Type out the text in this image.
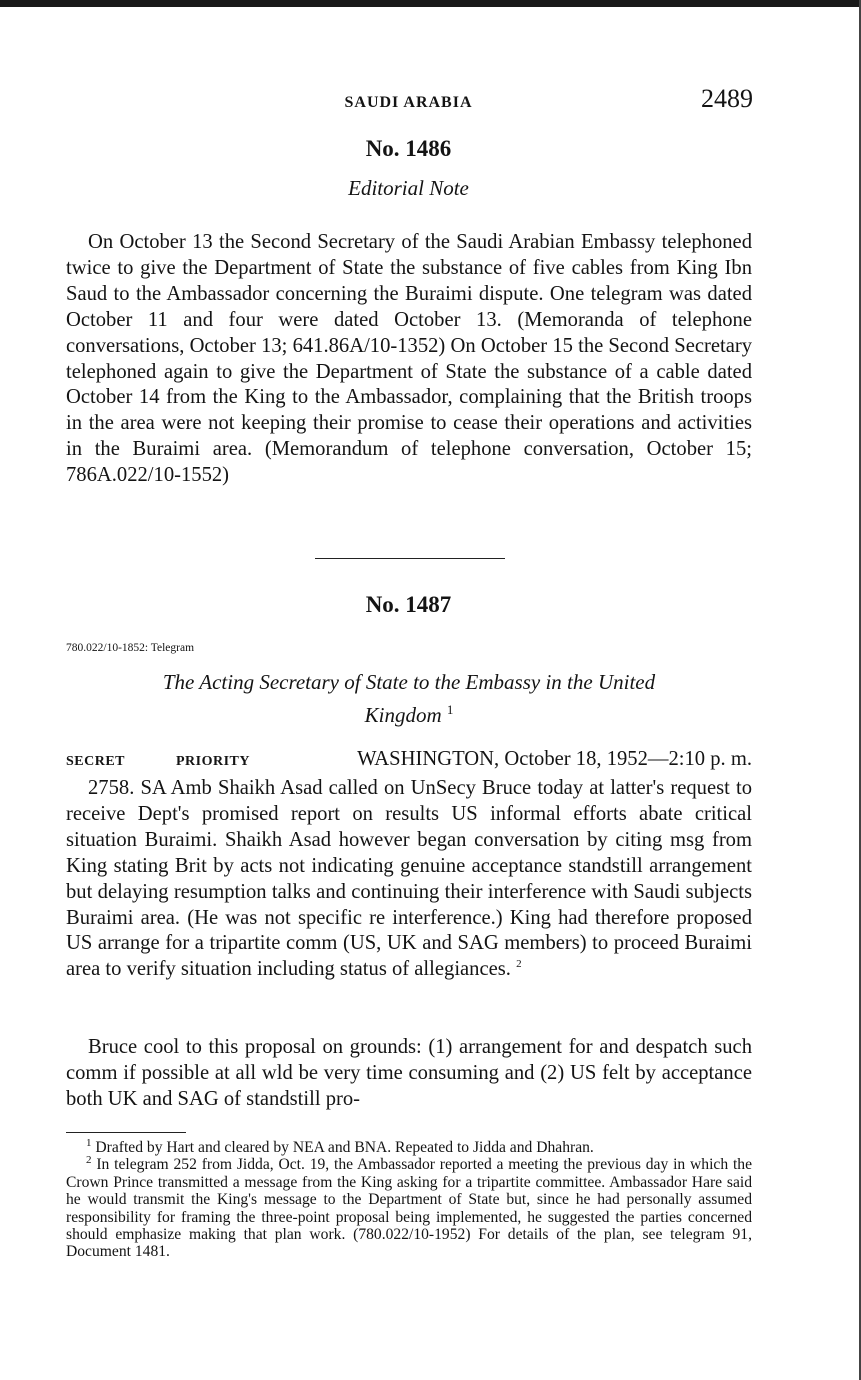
SAUDI ARABIA	2489
No. 1486
Editorial Note

On October 13 the Second Secretary of the Saudi Arabian Embassy telephoned twice to give the Department of State the substance of five cables from King Ibn Saud to the Ambassador concerning the Buraimi dispute. One telegram was dated October 11 and four were dated October 13. (Memoranda of telephone conversations, October 13; 641.86A/10-1352) On October 15 the Second Secretary telephoned again to give the Department of State the substance of a cable dated October 14 from the King to the Ambassador, complaining that the British troops in the area were not keeping their promise to cease their operations and activities in the Buraimi area. (Memorandum of telephone conversation, October 15; 786A.022/10-1552)

No. 1487
780.022/10-1852: Telegram
The Acting Secretary of State to the Embassy in the United
Kingdom $^1$
SECRET	PRIORITY	WASHINGTON, October 18, 1952—2:10 p. m.

2758. SA Amb Shaikh Asad called on UnSecy Bruce today at latter's request to receive Dept's promised report on results US informal efforts abate critical situation Buraimi. Shaikh Asad however began conversation by citing msg from King stating Brit by acts not indicating genuine acceptance standstill arrangement but delaying resumption talks and continuing their interference with Saudi subjects Buraimi area. (He was not specific re interference.) King had therefore proposed US arrange for a tripartite comm (US, UK and SAG members) to proceed Buraimi area to verify situation including status of allegiances. $^2$

Bruce cool to this proposal on grounds: (1) arrangement for and despatch such comm if possible at all wld be very time consuming and (2) US felt by acceptance both UK and SAG of standstill pro-

$^1$ Drafted by Hart and cleared by NEA and BNA. Repeated to Jidda and Dhahran.

$^2$ In telegram 252 from Jidda, Oct. 19, the Ambassador reported a meeting the previous day in which the Crown Prince transmitted a message from the King asking for a tripartite committee. Ambassador Hare said he would transmit the King's message to the Department of State but, since he had personally assumed responsibility for framing the three-point proposal being implemented, he suggested the parties concerned should emphasize making that plan work. (780.022/10-1952) For details of the plan, see telegram 91, Document 1481.
